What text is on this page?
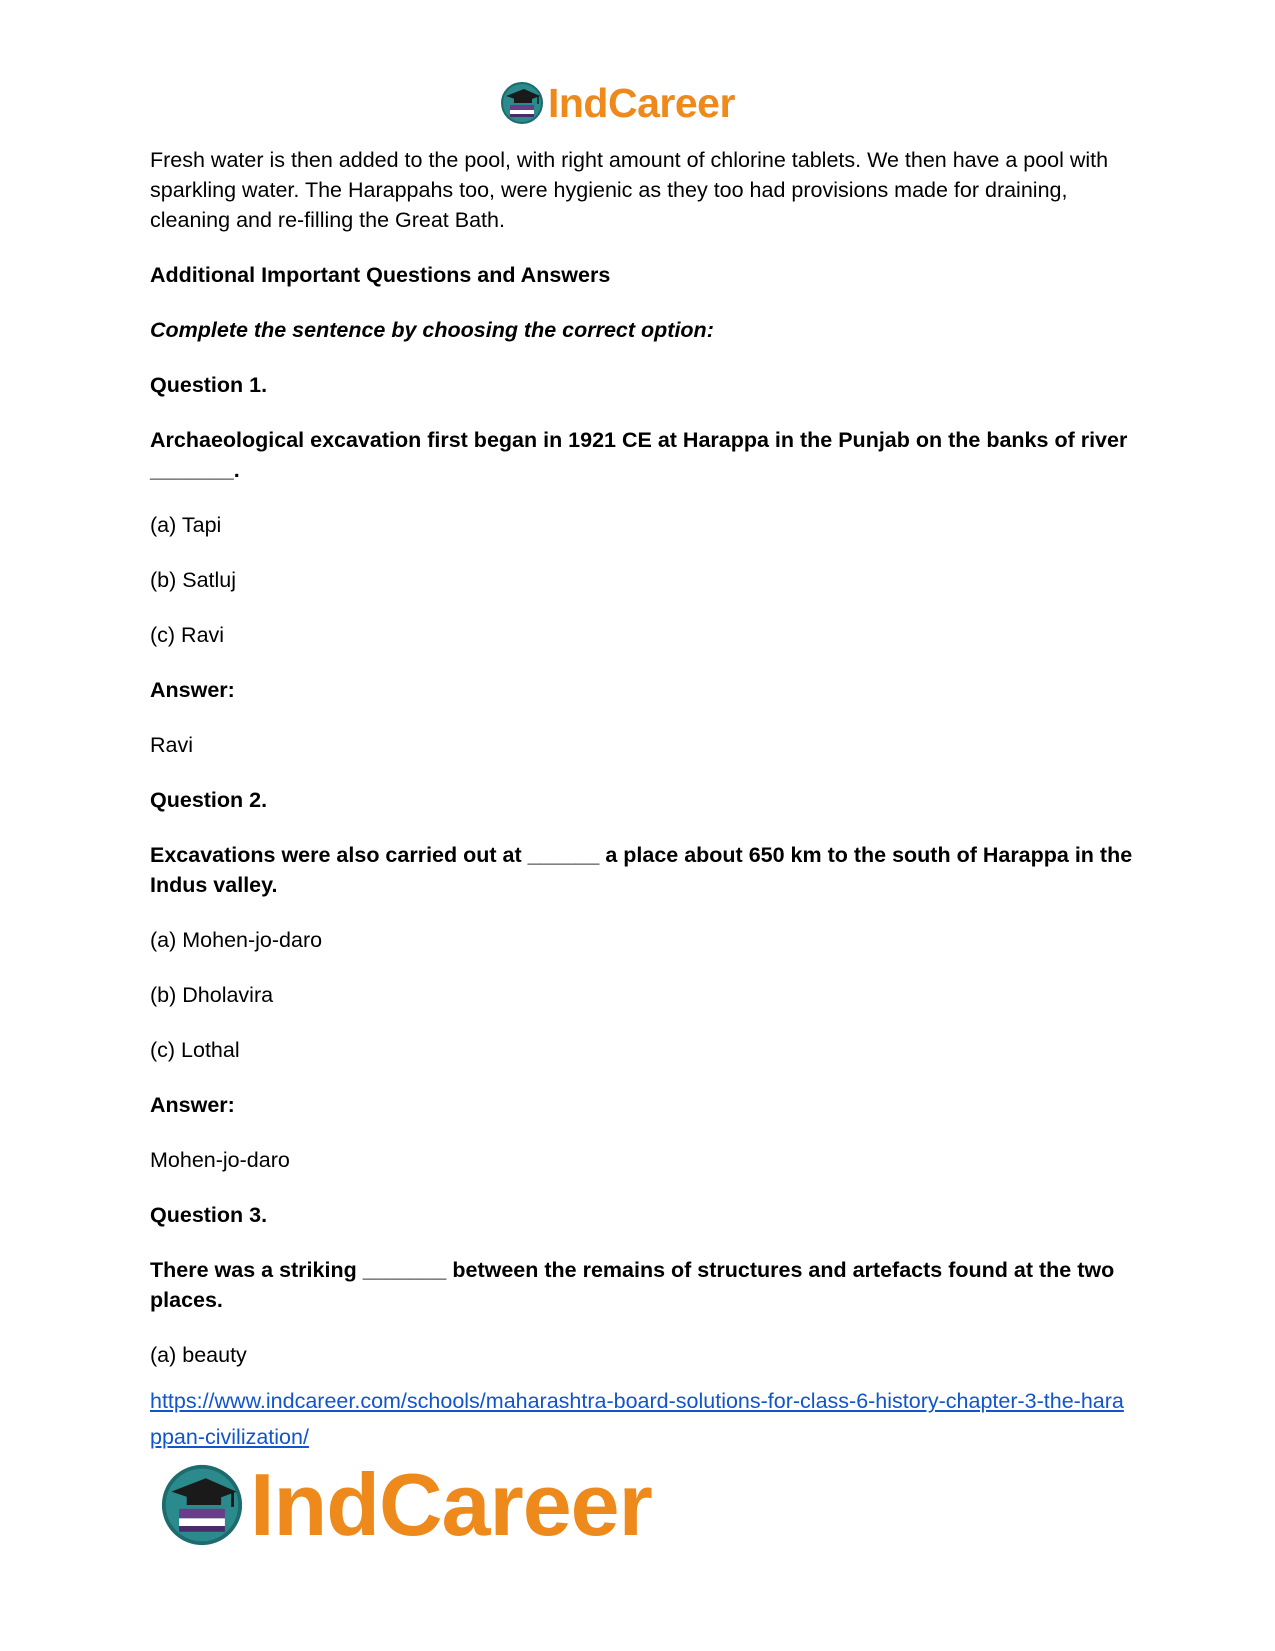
IndCareer

Fresh water is then added to the pool, with right amount of chlorine tablets. We then have a pool with sparkling water. The Harappahs too, were hygienic as they too had provisions made for draining, cleaning and re-filling the Great Bath.

Additional Important Questions and Answers

Complete the sentence by choosing the correct option:

Question 1.

Archaeological excavation first began in 1921 CE at Harappa in the Punjab on the banks of river _______.

(a) Tapi

(b) Satluj

(c) Ravi

Answer:

Ravi

Question 2.

Excavations were also carried out at ______ a place about 650 km to the south of Harappa in the Indus valley.

(a) Mohen-jo-daro

(b) Dholavira

(c) Lothal

Answer:

Mohen-jo-daro

Question 3.

There was a striking _______ between the remains of structures and artefacts found at the two places.

(a) beauty

https://www.indcareer.com/schools/maharashtra-board-solutions-for-class-6-history-chapter-3-the-harappan-civilization/
IndCareer
